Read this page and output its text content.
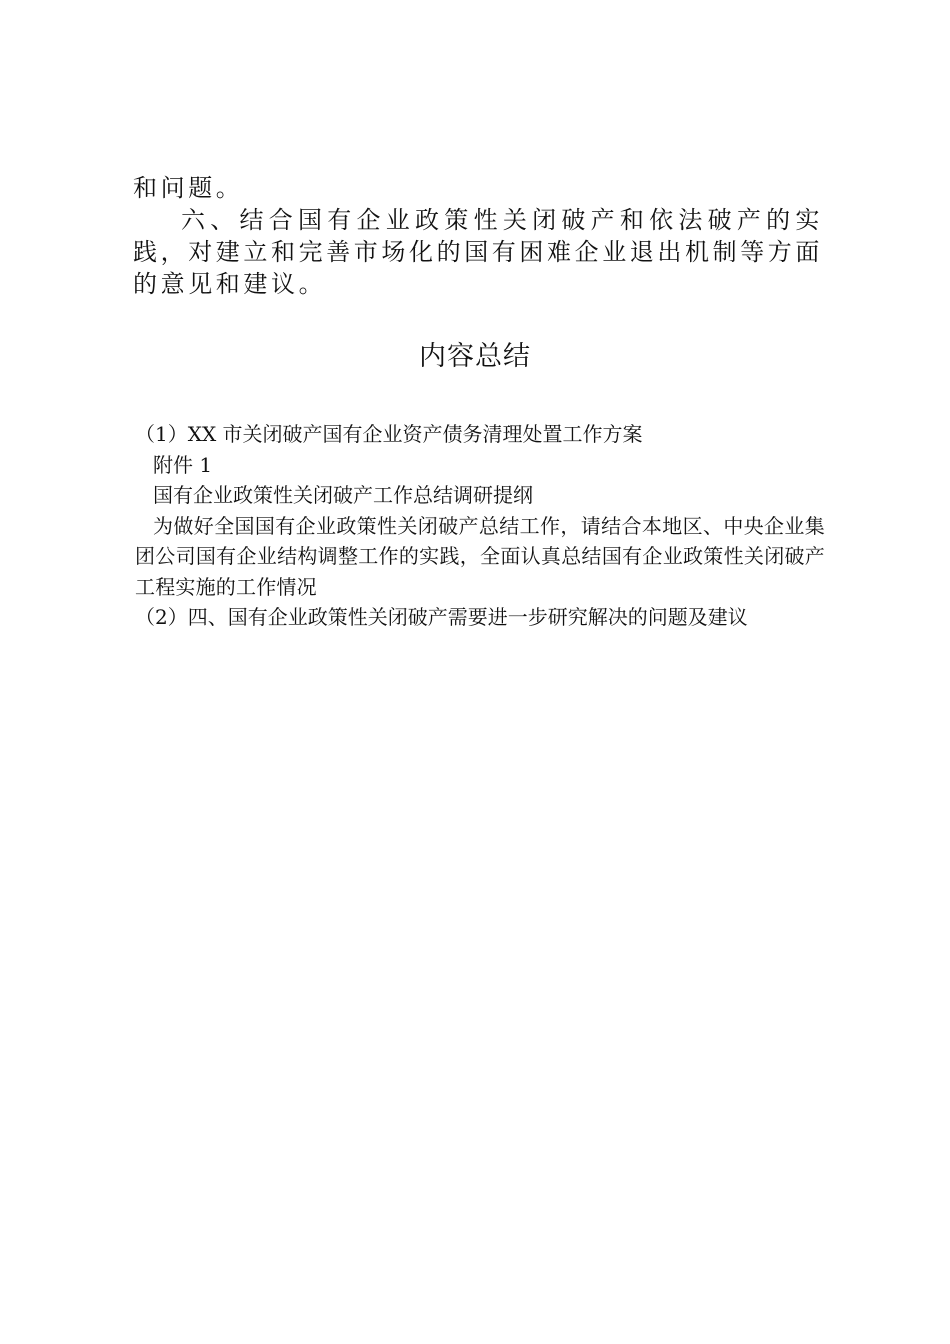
和问题。

六、结合国有企业政策性关闭破产和依法破产的实践，对建立和完善市场化的国有困难企业退出机制等方面的意见和建议。

内容总结

（1）XX 市关闭破产国有企业资产债务清理处置工作方案

附件 1

国有企业政策性关闭破产工作总结调研提纲

为做好全国国有企业政策性关闭破产总结工作，请结合本地区、中央企业集团公司国有企业结构调整工作的实践，全面认真总结国有企业政策性关闭破产工程实施的工作情况

（2）四、国有企业政策性关闭破产需要进一步研究解决的问题及建议
